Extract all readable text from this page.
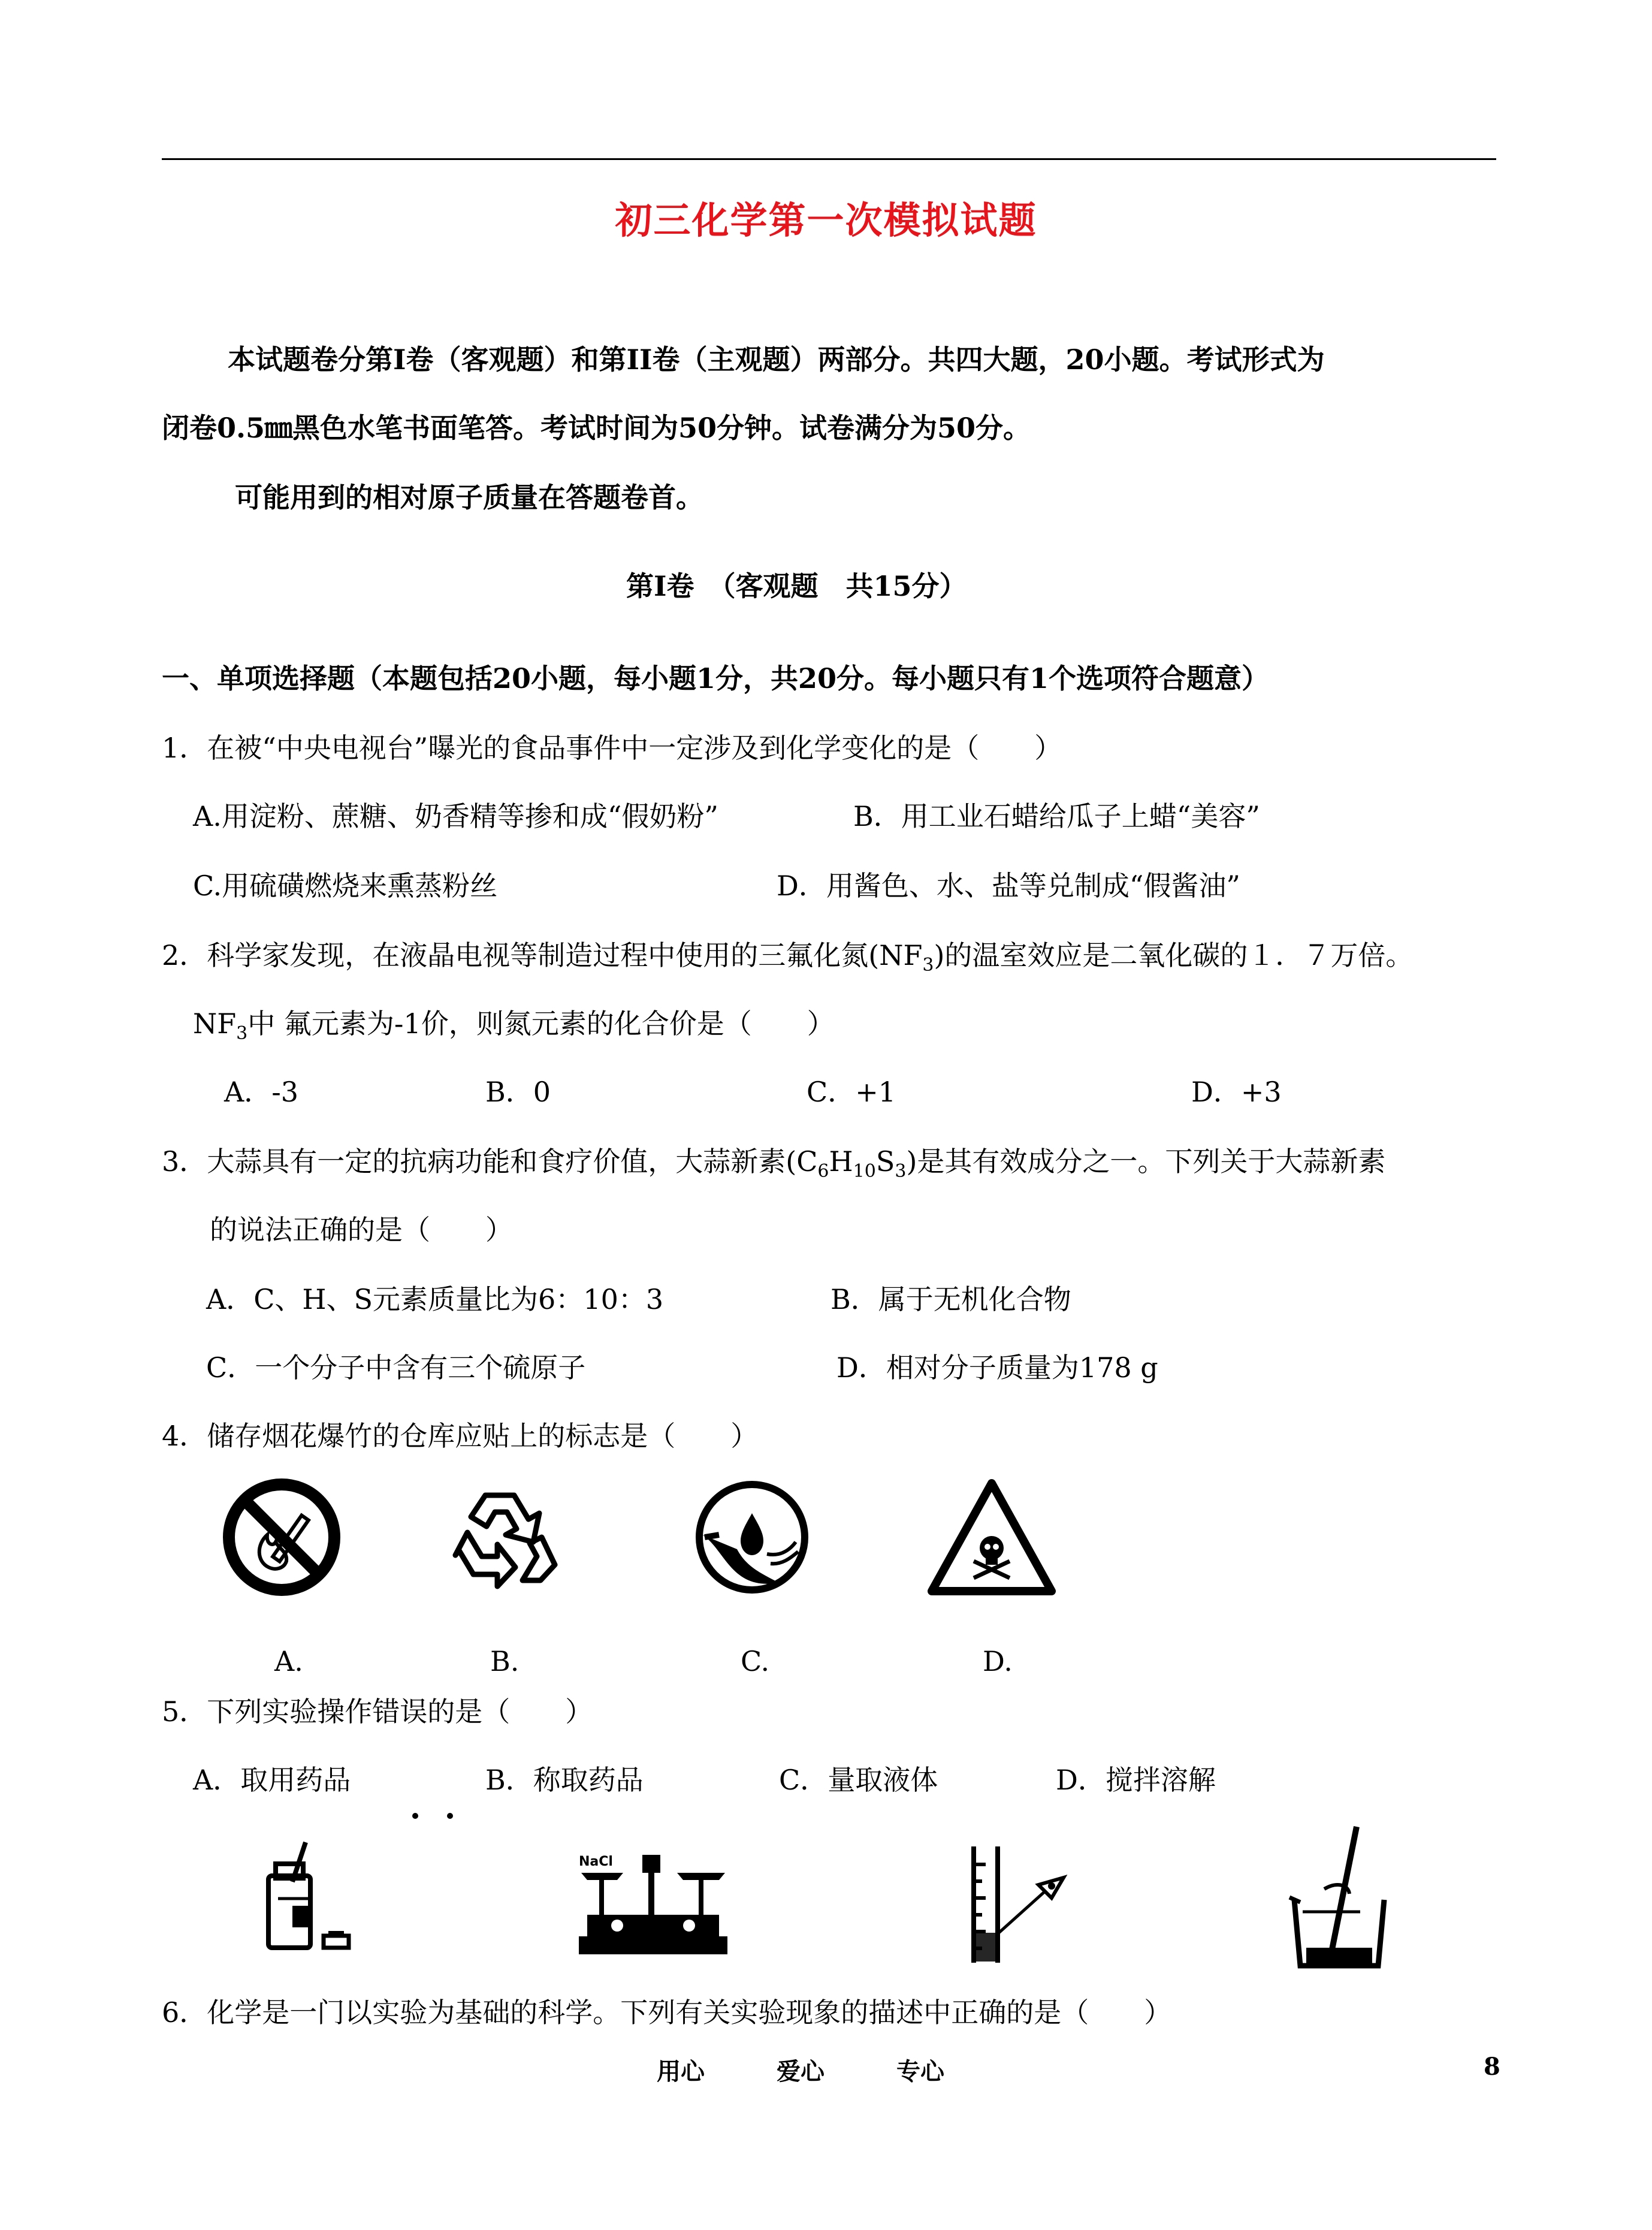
初三化学第一次模拟试题
本试题卷分第Ⅰ卷（客观题）和第II卷（主观题）两部分。共四大题，20小题。考试形式为
闭卷0.5㎜黑色水笔书面笔答。考试时间为50分钟。试卷满分为50分。
可能用到的相对原子质量在答题卷首。
第Ⅰ卷　（客观题　共15分）
一、单项选择题（本题包括20小题，每小题1分，共20分。每小题只有1个选项符合题意）
1．在被“中央电视台”曝光的食品事件中一定涉及到化学变化的是（　　）
A.用淀粉、蔗糖、奶香精等掺和成“假奶粉”	B．用工业石蜡给瓜子上蜡“美容”
C.用硫磺燃烧来熏蒸粉丝	D．用酱色、水、盐等兑制成“假酱油”
2．科学家发现，在液晶电视等制造过程中使用的三氟化氮$(NF_3)$的温室效应是二氧化碳的１．７万倍。
$NF_3$中 氟元素为-1价，则氮元素的化合价是（　　）
A．-3	B．0	C．+1	D．+3
3．大蒜具有一定的抗病功能和食疗价值，大蒜新素$(C_6H_{10}S_3)$是其有效成分之一。下列关于大蒜新素
的说法正确的是（　　）
A．C、H、S元素质量比为6：10：3	B．属于无机化合物
C．一个分子中含有三个硫原子	D．相对分子质量为178 g
4．储存烟花爆竹的仓库应贴上的标志是（　　）
A.	B.	C.	D.
5．下列实验操作错误的是（　　）
A．取用药品	B．称取药品	C．量取液体	D．搅拌溶解
NaCl
6．化学是一门以实验为基础的科学。下列有关实验现象的描述中正确的是（　　）
用心　　　爱心　　　专心	8
